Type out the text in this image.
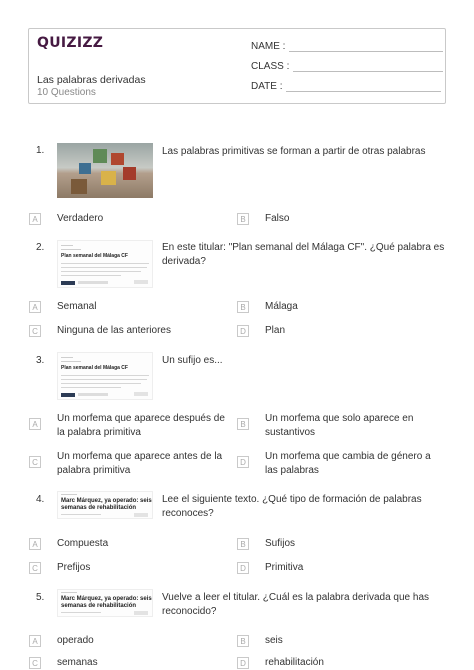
QUIZIZZ
Las palabras derivadas
10 Questions
NAME :
CLASS :
DATE :
1.	Las palabras primitivas se forman a partir de otras palabras
A	Verdadero	B	Falso
2.
Plan semanal del Málaga CF
En este titular: "Plan semanal del Málaga CF". ¿Qué palabra es derivada?
A	Semanal	B	Málaga
C	Ninguna de las anteriores	D	Plan
3.
Plan semanal del Málaga CF
Un sufijo es...
A	Un morfema que aparece después de la palabra primitiva
B	Un morfema que solo aparece en sustantivos
C	Un morfema que aparece antes de la palabra primitiva
D	Un morfema que cambia de género a las palabras
4.	Marc Márquez, ya operado: seis semanas de rehabilitación
Lee el siguiente texto. ¿Qué tipo de formación de palabras reconoces?
A	Compuesta	B	Sufijos
C	Prefijos	D	Primitiva
5.	Marc Márquez, ya operado: seis semanas de rehabilitación
Vuelve a leer el titular. ¿Cuál es la palabra derivada que has reconocido?
A	operado	B	seis
C	semanas	D	rehabilitación
